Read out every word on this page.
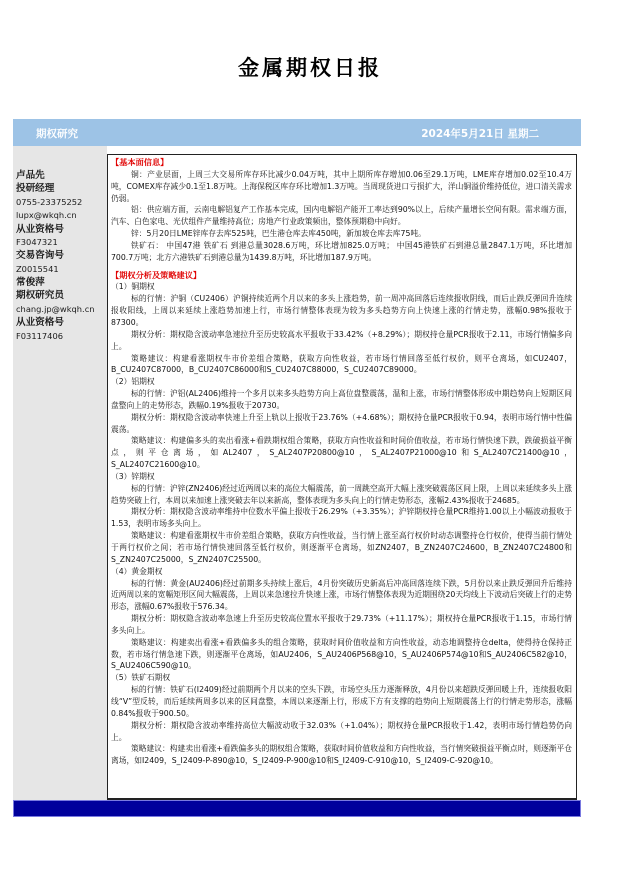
金属期权日报
期权研究	2024年5月21日 星期二
卢品先
投研经理
0755-23375252
lupx@wkqh.cn
从业资格号
F3047321
交易咨询号
Z0015541
常俊萍
期权研究员
chang.jp@wkqh.cn
从业资格号
F03117406

【基本面信息】

铜：产业层面，上周三大交易所库存环比减少0.04万吨，其中上期所库存增加0.06至29.1万吨，LME库存增加0.02至10.4万吨，COMEX库存减少0.1至1.8万吨。上海保税区库存环比增加1.3万吨。当周现货进口亏损扩大，洋山铜溢价维持低位，进口清关需求仍弱。

铝：供应端方面，云南电解铝复产工作基本完成，国内电解铝产能开工率达到90%以上，后续产量增长空间有限。需求端方面，汽车、白色家电、光伏组件产量维持高位；房地产行业政策频出，整体预期稳中向好。

锌：5月20日LME锌库存去库525吨，巴生港仓库去库450吨，新加坡仓库去库75吨。

铁矿石： 中国47港 铁矿石 到港总量3028.6万吨，环比增加825.0万吨； 中国45港铁矿石到港总量2847.1万吨，环比增加700.7万吨；北方六港铁矿石到港总量为1439.8万吨，环比增加187.9万吨。

【期权分析及策略建议】

（1）铜期权

标的行情：沪铜（CU2406）沪铜持续近两个月以来的多头上涨趋势，前一周冲高回落后连续报收阴线，而后止跌反弹回升连续报收阳线，上周以来延续上涨趋势加速上行，市场行情整体表现为较为多头趋势方向上快速上涨的行情走势，涨幅0.98%报收于87300。

期权分析：期权隐含波动率急速拉升至历史较高水平报收于33.42%（+8.29%）；期权持仓量PCR报收于2.11，市场行情偏多向上。

策略建议：构建看涨期权牛市价差组合策略，获取方向性收益，若市场行情回落至低行权价，则平仓离场，如CU2407，B_CU2407C87000，B_CU2407C86000和S_CU2407C88000，S_CU2407C89000。

（2）铝期权

标的行情：沪铝(AL2406)维持一个多月以来多头趋势方向上高位盘整震荡，温和上涨，市场行情整体形成中期趋势向上短期区间盘整向上的走势形态，跌幅0.19%报收于20730。

期权分析：期权隐含波动率快速上升至上轨以上报收于23.76%（+4.68%）；期权持仓量PCR报收于0.94，表明市场行情中性偏震荡。

策略建议：构建偏多头的卖出看涨+看跌期权组合策略，获取方向性收益和时间价值收益，若市场行情快速下跌，跌破损益平衡点，则平仓离场，如AL2407，S_AL2407P20800@10，S_AL2407P21000@10和S_AL2407C21400@10，S_AL2407C21600@10。

（3）锌期权

标的行情：沪锌(ZN2406)经过近两周以来的高位大幅震荡，前一周跳空高开大幅上涨突破震荡区间上限，上周以来延续多头上涨趋势突破上行，本周以来加速上涨突破去年以来新高，整体表现为多头向上的行情走势形态，涨幅2.43%报收于24685。

期权分析：期权隐含波动率维持中位数水平偏上报收于26.29%（+3.35%）；沪锌期权持仓量PCR维持1.00以上小幅波动报收于1.53，表明市场多头向上。

策略建议：构建看涨期权牛市价差组合策略，获取方向性收益，当行情上涨至高行权价时动态调整持仓行权价，使得当前行情处于两行权价之间；若市场行情快速回落至低行权价，则逐渐平仓离场，如ZN2407，B_ZN2407C24600，B_ZN2407C24800和S_ZN2407C25000，S_ZN2407C25500。

（4）黄金期权

标的行情：黄金(AU2406)经过前期多头持续上涨后，4月份突破历史新高后冲高回落连续下跌，5月份以来止跌反弹回升后维持近两周以来的宽幅矩形区间大幅震荡，上周以来急速拉升快速上涨，市场行情整体表现为近期围绕20天均线上下波动后突破上行的走势形态，涨幅0.67%报收于576.34。

期权分析：期权隐含波动率急速上升至历史较高位置水平报收于29.73%（+11.17%）；期权持仓量PCR报收于1.15，市场行情多头向上。

策略建议：构建卖出看涨+看跌偏多头的组合策略，获取时间价值收益和方向性收益，动态地调整持仓delta，使得持仓保持正数，若市场行情急速下跌，则逐渐平仓离场，如AU2406，S_AU2406P568@10，S_AU2406P574@10和S_AU2406C582@10，S_AU2406C590@10。

（5）铁矿石期权

标的行情：铁矿石(I2409)经过前期两个月以来的空头下跌，市场空头压力逐渐释放，4月份以来超跌反弹回暖上升，连续报收阳线“V”型反转，而后延续两周多以来的区间盘整，本周以来逐渐上行，形成下方有支撑的趋势向上短期震荡上行的行情走势形态，涨幅0.84%报收于900.50。

期权分析：期权隐含波动率维持高位大幅波动收于32.03%（+1.04%）；期权持仓量PCR报收于1.42，表明市场行情趋势仍向上。

策略建议：构建卖出看涨+看跌偏多头的期权组合策略，获取时间价值收益和方向性收益，当行情突破损益平衡点时，则逐渐平仓离场，如I2409，S_I2409-P-890@10，S_I2409-P-900@10和S_I2409-C-910@10，S_I2409-C-920@10。
